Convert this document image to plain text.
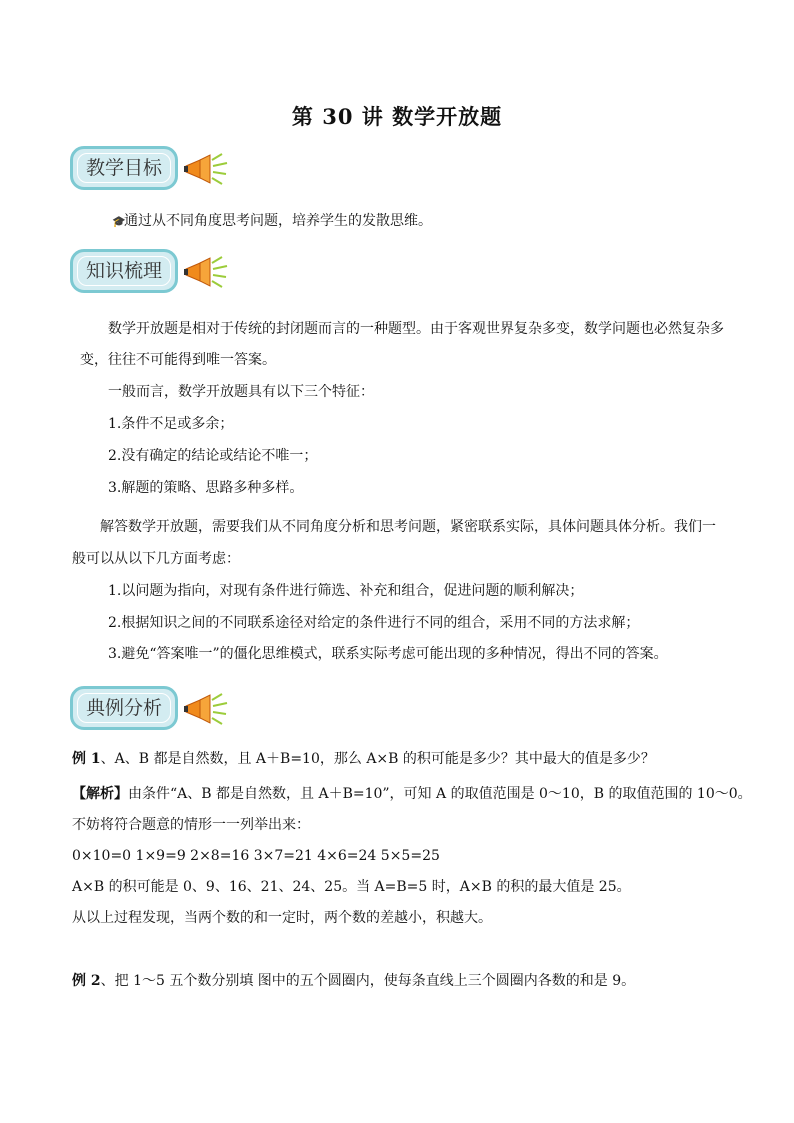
第 30 讲 数学开放题
教学目标

🎓通过从不同角度思考问题，培养学生的发散思维。

知识梳理

数学开放题是相对于传统的封闭题而言的一种题型。由于客观世界复杂多变，数学问题也必然复杂多

变，往往不可能得到唯一答案。

一般而言，数学开放题具有以下三个特征：

1.条件不足或多余；

2.没有确定的结论或结论不唯一；

3.解题的策略、思路多种多样。

解答数学开放题，需要我们从不同角度分析和思考问题，紧密联系实际，具体问题具体分析。我们一

般可以从以下几方面考虑：

1.以问题为指向，对现有条件进行筛选、补充和组合，促进问题的顺利解决；

2.根据知识之间的不同联系途径对给定的条件进行不同的组合，采用不同的方法求解；

3.避免“答案唯一”的僵化思维模式，联系实际考虑可能出现的多种情况，得出不同的答案。

典例分析

例 1、A、B 都是自然数，且 A＋B=10，那么 A×B 的积可能是多少？其中最大的值是多少？

【解析】由条件“A、B 都是自然数，且 A＋B=10”，可知 A 的取值范围是 0～10，B 的取值范围的 10～0。

不妨将符合题意的情形一一列举出来：

0×10=0 1×9=9 2×8=16 3×7=21 4×6=24 5×5=25

A×B 的积可能是 0、9、16、21、24、25。当 A=B=5 时，A×B 的积的最大值是 25。

从以上过程发现，当两个数的和一定时，两个数的差越小，积越大。

例 2、把 1～5 五个数分别填 图中的五个圆圈内，使每条直线上三个圆圈内各数的和是 9。
